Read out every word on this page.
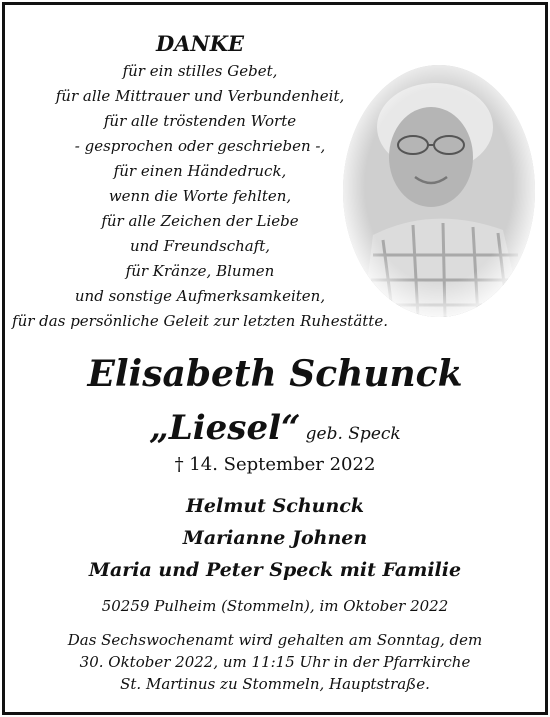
DANKE
für ein stilles Gebet,
für alle Mittrauer und Verbundenheit,
für alle tröstenden Worte
- gesprochen oder geschrieben -,
für einen Händedruck,
wenn die Worte fehlten,
für alle Zeichen der Liebe
und Freundschaft,
für Kränze, Blumen
und sonstige Aufmerksamkeiten,
für das persönliche Geleit zur letzten Ruhestätte.
Elisabeth Schunck
„Liesel“ geb. Speck
† 14. September 2022
Helmut Schunck
Marianne Johnen
Maria und Peter Speck mit Familie
50259 Pulheim (Stommeln), im Oktober 2022
Das Sechswochenamt wird gehalten am Sonntag, dem
30. Oktober 2022, um 11:15 Uhr in der Pfarrkirche
St. Martinus zu Stommeln, Hauptstraße.
